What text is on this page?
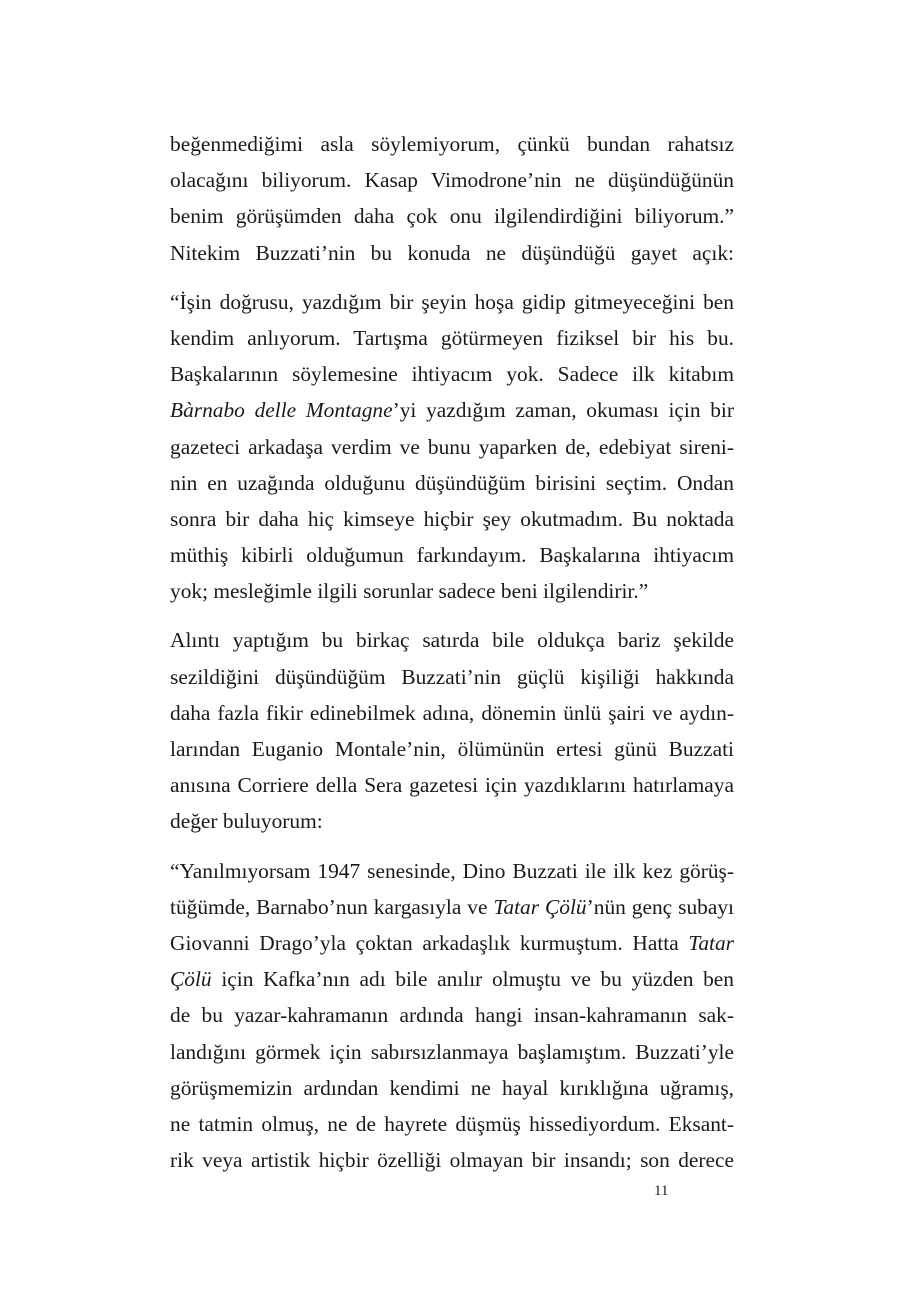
beğenmediğimi asla söylemiyorum, çünkü bundan rahatsız
olacağını biliyorum. Kasap Vimodrone’nin ne düşündüğünün
benim görüşümden daha çok onu ilgilendirdiğini biliyorum.”
Nitekim Buzzati’nin bu konuda ne düşündüğü gayet açık:
“İşin doğrusu, yazdığım bir şeyin hoşa gidip gitmeyeceğini ben
kendim anlıyorum. Tartışma götürmeyen fiziksel bir his bu.
Başkalarının söylemesine ihtiyacım yok. Sadece ilk kitabım
Bàrnabo delle Montagne’yi yazdığım zaman, okuması için bir
gazeteci arkadaşa verdim ve bunu yaparken de, edebiyat sireni-
nin en uzağında olduğunu düşündüğüm birisini seçtim. Ondan
sonra bir daha hiç kimseye hiçbir şey okutmadım. Bu noktada
müthiş kibirli olduğumun farkındayım. Başkalarına ihtiyacım
yok; mesleğimle ilgili sorunlar sadece beni ilgilendirir.”
Alıntı yaptığım bu birkaç satırda bile oldukça bariz şekilde
sezildiğini düşündüğüm Buzzati’nin güçlü kişiliği hakkında
daha fazla fikir edinebilmek adına, dönemin ünlü şairi ve aydın-
larından Euganio Montale’nin, ölümünün ertesi günü Buzzati
anısına Corriere della Sera gazetesi için yazdıklarını hatırlamaya
değer buluyorum:
“Yanılmıyorsam 1947 senesinde, Dino Buzzati ile ilk kez görüş-
tüğümde, Barnabo’nun kargasıyla ve Tatar Çölü’nün genç subayı
Giovanni Drago’yla çoktan arkadaşlık kurmuştum. Hatta Tatar
Çölü için Kafka’nın adı bile anılır olmuştu ve bu yüzden ben
de bu yazar-kahramanın ardında hangi insan-kahramanın sak-
landığını görmek için sabırsızlanmaya başlamıştım. Buzzati’yle
görüşmemizin ardından kendimi ne hayal kırıklığına uğramış,
ne tatmin olmuş, ne de hayrete düşmüş hissediyordum. Eksant-
rik veya artistik hiçbir özelliği olmayan bir insandı; son derece
11
